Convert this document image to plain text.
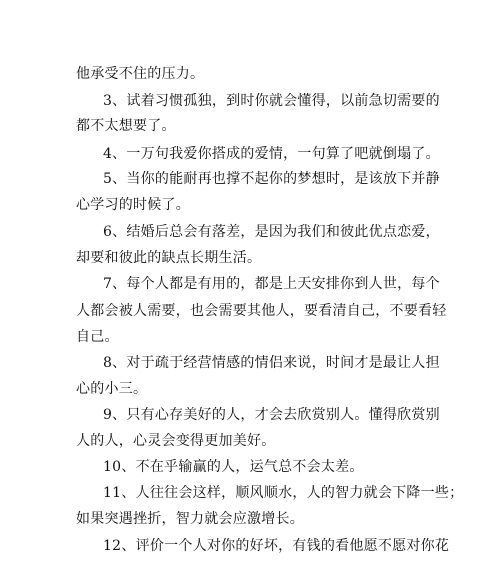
他承受不住的压力。
3、试着习惯孤独，到时你就会懂得，以前急切需要的
都不太想要了。
4、一万句我爱你搭成的爱情，一句算了吧就倒塌了。
5、当你的能耐再也撑不起你的梦想时，是该放下并静
心学习的时候了。
6、结婚后总会有落差，是因为我们和彼此优点恋爱，
却要和彼此的缺点长期生活。
7、每个人都是有用的，都是上天安排你到人世，每个
人都会被人需要，也会需要其他人，要看清自己，不要看轻
自己。
8、对于疏于经营情感的情侣来说，时间才是最让人担
心的小三。
9、只有心存美好的人，才会去欣赏别人。懂得欣赏别
人的人，心灵会变得更加美好。
10、不在乎输赢的人，运气总不会太差。
11、人往往会这样，顺风顺水，人的智力就会下降一些；
如果突遇挫折，智力就会应激增长。
12、评价一个人对你的好坏，有钱的看他愿不愿对你花
